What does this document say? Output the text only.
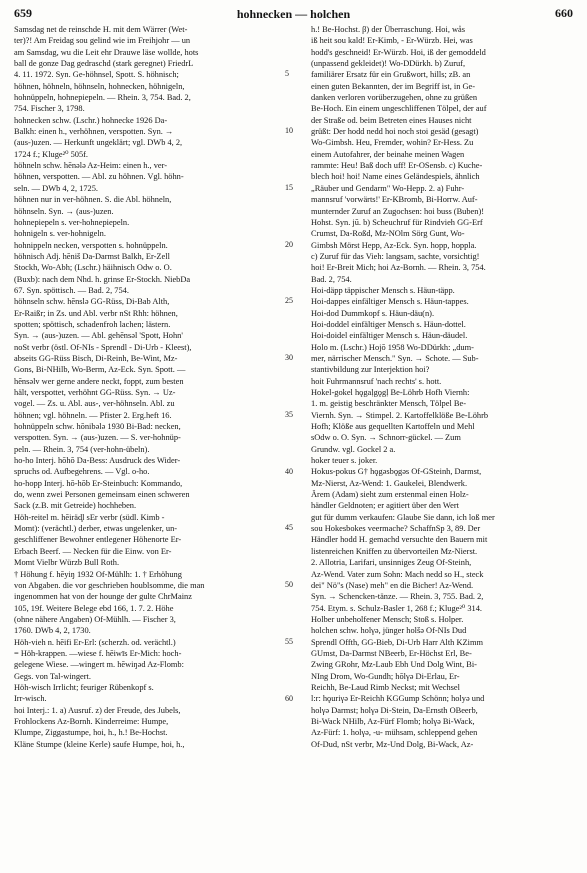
659	hohnecken — holchen	660
Samsdag net de reinschde H. mit dem Wärrer (Wet-
ter)?! Am Freidag sou gelind wie im Freihjohr — un
am Samsdag, wu die Leit ehr Drauwe läse wollde, hots
ball de gonze Dag gedraschd (stark geregnet) FriedrL
4. 11. 1972. Syn. Ge-höhnsel, Spott. S. höhnisch;
höhnen, höhneln, höhnseln, hohnecken, höhnigeln,
hohnüppeln, hohnepiepeln. — Rhein. 3, 754. Bad. 2,
754. Fischer 3, 1798.
hohnecken schw. (Lschr.) hohnecke 1926 Da-
Balkh: einen h., verhöhnen, verspotten. Syn. →
(aus-)uzen. — Herkunft ungeklärt; vgl. DWb 4, 2,
1724 f.; Kluge²⁰ 505f.
höhneln schw. hēnəlǝ Az-Heim: einen h., ver-
höhnen, verspotten. — Abl. zu höhnen. Vgl. höhn-
seln. — DWb 4, 2, 1725.
höhnen nur in ver-höhnen. S. die Abl. höhneln,
höhnseln. Syn. → (aus-)uzen.
hohnepiepeln s. ver-hohnepiepeln.
hohnigeln s. ver-hohnigeln.
hohnippeln necken, verspotten s. hohnüppeln.
höhnisch Adj. hēniš Da-Darmst Balkh, Er-Zell
Stockh, Wo-Abh; (Lschr.) häihnisch Odw o. O.
(Buxb): nach dem Nhd. h. grinse Er-Stockh. NiebDa
67. Syn. spöttisch. — Bad. 2, 754.
höhnseln schw. hēnslǝ GG-Rüss, Di-Bab Alth,
Er-Raißr; in Zs. und Abl. verbr nSt Rhh: höhnen,
spotten; spöttisch, schadenfroh lachen; lästern.
Syn. → (aus-)uzen. — Abl. gehēnsǝl 'Spott, Hohn'
noSt verbr (östl. Of-NIs - Sprendl - Di-Urb - Kleest),
abseits GG-Rüss Bisch, Di-Reinh, Be-Wint, Mz-
Gons, Bi-NHilb, Wo-Berm, Az-Eck. Syn. Spott. —
hēnsəlv wer gerne andere neckt, foppt, zum besten
hält, verspottet, verhöhnt GG-Rüss. Syn. → Uz-
vogel. — Zs. u. Abl. aus-, ver-höhnseln. Abl. zu
höhnen; vgl. höhneln. — Pfister 2. Erg.heft 16.
hohnüppeln schw. hōnibəlǝ 1930 Bi-Bad: necken,
verspotten. Syn. → (aus-)uzen. — S. ver-hohnüp-
peln. — Rhein. 3, 754 (ver-hohn-übeln).
ho-ho Interj. hōhō Da-Bess: Ausdruck des Wider-
spruchs od. Aufbegehrens. — Vgl. o-ho.
ho-hopp Interj. hō-hōb Er-Steinbuch: Kommando,
do, wenn zwei Personen gemeinsam einen schweren
Sack (z.B. mit Getreide) hochheben.
Höh-reitel m. hēiräd̥l sEr verbr (südl. Kimb -
Momt): (verächtl.) derber, etwas ungelenker, un-
geschliffener Bewohner entlegener Höhenorte Er-
Erbach Beerf. — Necken für die Einw. von Er-
Momt Vielbr Würzb Bull Roth.
† Höhung f. hēyiŋ 1932 Of-Mühlh: 1. † Erhöhung
von Abgaben. die vor geschrieben houblsomme, die man
ingenommen hat von der houngе der gulte ChrMainz
105, 19f. Weitere Belege ebd 166, 1. 7. 2. Höhe
(ohne nähere Angaben) Of-Mühlh. — Fischer 3,
1760. DWb 4, 2, 1730.
Höh-vieh n. hēifi Er-Erl: (scherzh. od. verächtl.)
= Höh-krappen. —wiese f. hēiwīs Er-Mich: hoch-
gelegene Wiese. —wingert m. hēwiŋǝd Az-Flomb:
Gegs. von Tal-wingert.
Höh-wisch Irrlicht; feuriger Rübenkopf s.
Irr-wisch.
hoi Interj.: 1. a) Ausruf. z) der Freude, des Jubels,
Frohlockens Az-Bornh. Kinderreime: Humpe,
Klumpe, Ziggastumpe, hoi, h., h.! Be-Hochst.
Kläne Stumpe (kleine Kerle) saufe Humpe, hoi, h.,
5
10
15
20
25
30
35
40
45
50
55
60
h.! Be-Hochst. β) der Überraschung. Hoi, wås
iß heit sou kald! Er-Kimb, - Er-Würzb. Hei, was
hodd's geschneid! Er-Würzb. Hoi, iß der gemoddeld
(unpassend gekleidet)! Wo-DDürkh. b) Zuruf,
familiärer Ersatz für ein Grußwort, hills; zB. an
einen guten Bekannten, der im Begriff ist, in Ge-
danken verloren vorüberzugehen, ohne zu grüßen
Be-Hoch. Ein einem ungeschliffenen Tölpel, der auf
der Straße od. beim Betreten eines Hauses nicht
grüßt: Der hodd nedd hoi noch stoi gesäd (gesagt)
Wo-Gimbsh. Heu, Fremder, wohin? Er-Hess. Zu
einem Autofahrer, der beinahe meinen Wagen
rammte: Heu! Baß doch uff! Er-OSensb. c) Kuche-
blech hoi! hoi! Name eines Geländespiels, ähnlich
„Räuber und Gendarm" Wo-Hepp. 2. a) Fuhr-
mannsruf 'vorwärts!' Er-KBromb, Bi-Horrw. Auf-
munternder Zuruf an Zugochsen: hoi buss (Buben)!
Hohst. Syn. jū. b) Scheuchruf für Rindvieh GG-Erf
Crumst, Da-Roßd, Mz-NOlm Sörg Gunt, Wo-
Gimbsh Mörst Hepp, Az-Eck. Syn. hopp, hoppla.
c) Zuruf für das Vieh: langsam, sachte, vorsichtig!
hoi! Er-Breit Mich; hoi Az-Bornh. — Rhein. 3, 754.
Bad. 2, 754.
Hoi-däpp täppischer Mensch s. Häun-täpp.
Hoi-dappes einfältiger Mensch s. Häun-tappes.
Hoi-dod Dummkopf s. Häun-däu(n).
Hoi-doddel einfältiger Mensch s. Häun-dottel.
Hoi-doidel einfältiger Mensch s. Häun-däudel.
Holo m. (Lschr.) Hojō 1958 Wo-DDürkh: „dum-
mer, närrischer Mensch." Syn. → Schote. — Sub-
stantivbildung zur Interjektion hoi?
hoit Fuhrmannsruf 'nach rechts' s. hott.
Hokel-gokel hǫgaḷgǫgḷ Be-Löhrb Hofh Viernh:
1. m. geistig beschränkter Mensch, Tölpel Be-
Viernh. Syn. → Stimpel. 2. Kartoffelklöße Be-Löhrb
Hofh; Klöße aus gequellten Kartoffeln und Mehl
sOdw o. O. Syn. → Schnorr-gückel. — Zum
Grundw. vgl. Gockel 2 a.
hoker teuer s. joker.
Hokus-pokus G† hǫgəsbǫgəs Of-GSteinh, Darmst,
Mz-Nierst, Az-Wend: 1. Gaukelei, Blendwerk.
Ärem (Adam) sieht zum erstenmal einen Holz-
händler Geldnoten; er agitiert über den Wert
gut für dumm verkaufen: Glaube Sie dann, ich loß mer
sou Hokesbokes veermache? SchaffnSp 3, 89. Der
Händler hodd H. gemachd versuchte den Bauern mit
listenreichen Kniffen zu übervorteilen Mz-Nierst.
2. Allotria, Larifari, unsinniges Zeug Of-Steinh,
Az-Wend. Vater zum Sohn: Mach nedd so H., steck
dei" Nö"s (Nase) meh" en die Bicher! Az-Wend.
Syn. → Schencken-tänze. — Rhein. 3, 755. Bad. 2,
754. Etym. s. Schulz-Basler 1, 268 f.; Kluge²⁰ 314.
Holber unbeholfener Mensch; Stoß s. Holper.
holchen schw. holγǝ, jünger holšǝ Of-NIs Dud
Sprendl Offth, GG-Bieb, Di-Urb Harr Alth KZimm
GUmst, Da-Darmst NBeerb, Er-Höchst Erl, Be-
Zwing GRohr, Mz-Laub Ebh Und Dolg Wint, Bi-
NIng Drom, Wo-Gundh; hōlγǝ Di-Erlau, Er-
Reichh, Be-Laud Rimb Neckst; mit Wechsel
l:r: hǫuriγǝ Er-Reichh KGGump Schönn; holyǝ und
holγǝ Darmst; holγǝ Di-Stein, Da-Ernsth OBeerb,
Bi-Wack NHilb, Az-Fürf Flomb; holγǝ Bi-Wack,
Az-Fürf: 1. holγǝ, -u- mühsam, schleppend gehen
Of-Dud, nSt verbr, Mz-Und Dolg, Bi-Wack, Az-
